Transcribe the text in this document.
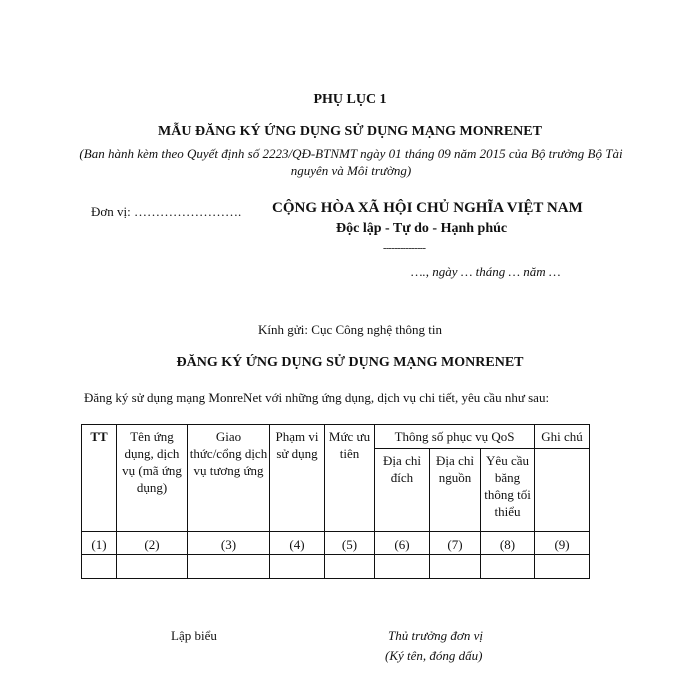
PHỤ LỤC 1
MẪU ĐĂNG KÝ ỨNG DỤNG SỬ DỤNG MẠNG MONRENET
(Ban hành kèm theo Quyết định số 2223/QĐ-BTNMT ngày 01 tháng 09 năm 2015 của Bộ trưởng Bộ Tài nguyên và Môi trường)
Đơn vị: ……………………. CỘNG HÒA XÃ HỘI CHỦ NGHĨA VIỆT NAM
Độc lập - Tự do - Hạnh phúc
---------------
…., ngày … tháng … năm …
Kính gửi: Cục Công nghệ thông tin
ĐĂNG KÝ ỨNG DỤNG SỬ DỤNG MẠNG MONRENET
Đăng ký sử dụng mạng MonreNet với những ứng dụng, dịch vụ chi tiết, yêu cầu như sau:
TT	Tên ứng dụng, dịch vụ (mã ứng dụng)	Giao thức/cổng dịch vụ tương ứng	Phạm vi sử dụng	Mức ưu tiên	Thông số phục vụ QoS			Ghi chú
					Địa chỉ đích	Địa chỉ nguồn	Yêu cầu băng thông tối thiểu	
(1)	(2)	(3)	(4)	(5)	(6)	(7)	(8)	(9)

Lập biểu	Thủ trưởng đơn vị
(Ký tên, đóng dấu)
